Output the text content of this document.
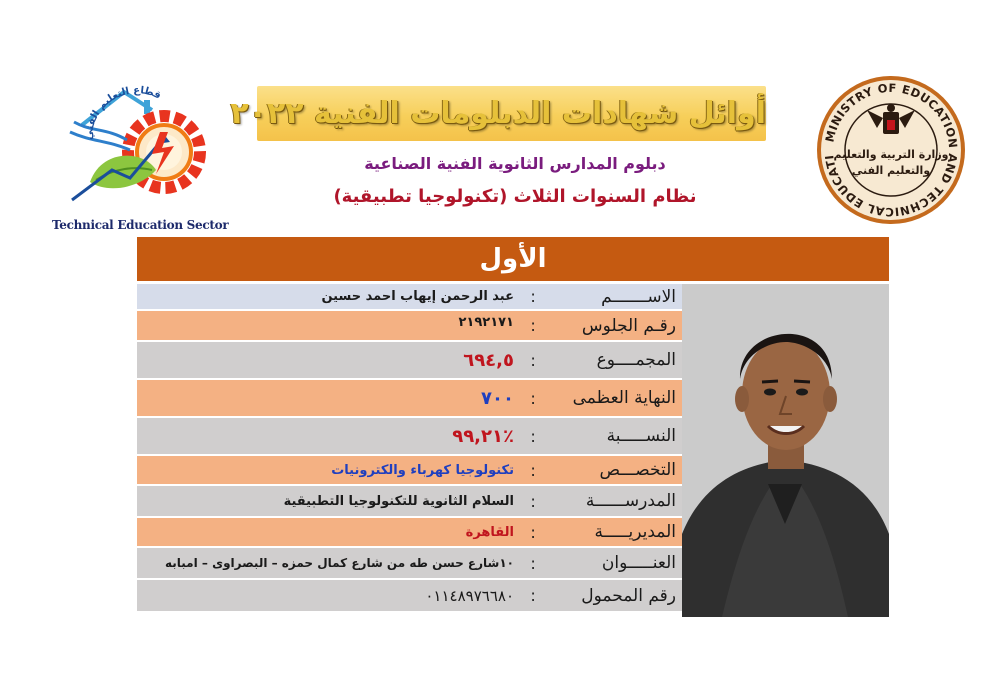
قطاع التعليم الفني
Technical Education Sector
أوائل شهادات الدبلومات الفنية ٢٠٢٢
دبلوم المدارس الثانوية الفنية الصناعية
نظام السنوات الثلاث (تكنولوجيا تطبيقية)
MINISTRY OF EDUCATION AND TECHNICAL EDUCATI
وزارة التربية والتعليم
والتعليم الفني
الأول
الاســـــــم
:
عبد الرحمن إيهاب احمد حسين
رقـم الجلوس
:
٢١٩٢١٧١
المجمــــوع
:
٦٩٤,٥
النهاية العظمى
:
٧٠٠
النســـــبة
:
٪٩٩,٢١
التخصـــص
:
تكنولوجيا كهرباء والكترونيات
المدرســــــة
:
السلام الثانوية للتكنولوجيا التطبيقية
المديريـــــة
:
القاهرة
العنـــــوان
:
١٠شارع حسن طه من شارع كمال حمزه – البصراوى – امبابه
رقم المحمول
:
٠١١٤٨٩٧٦٦٨٠
